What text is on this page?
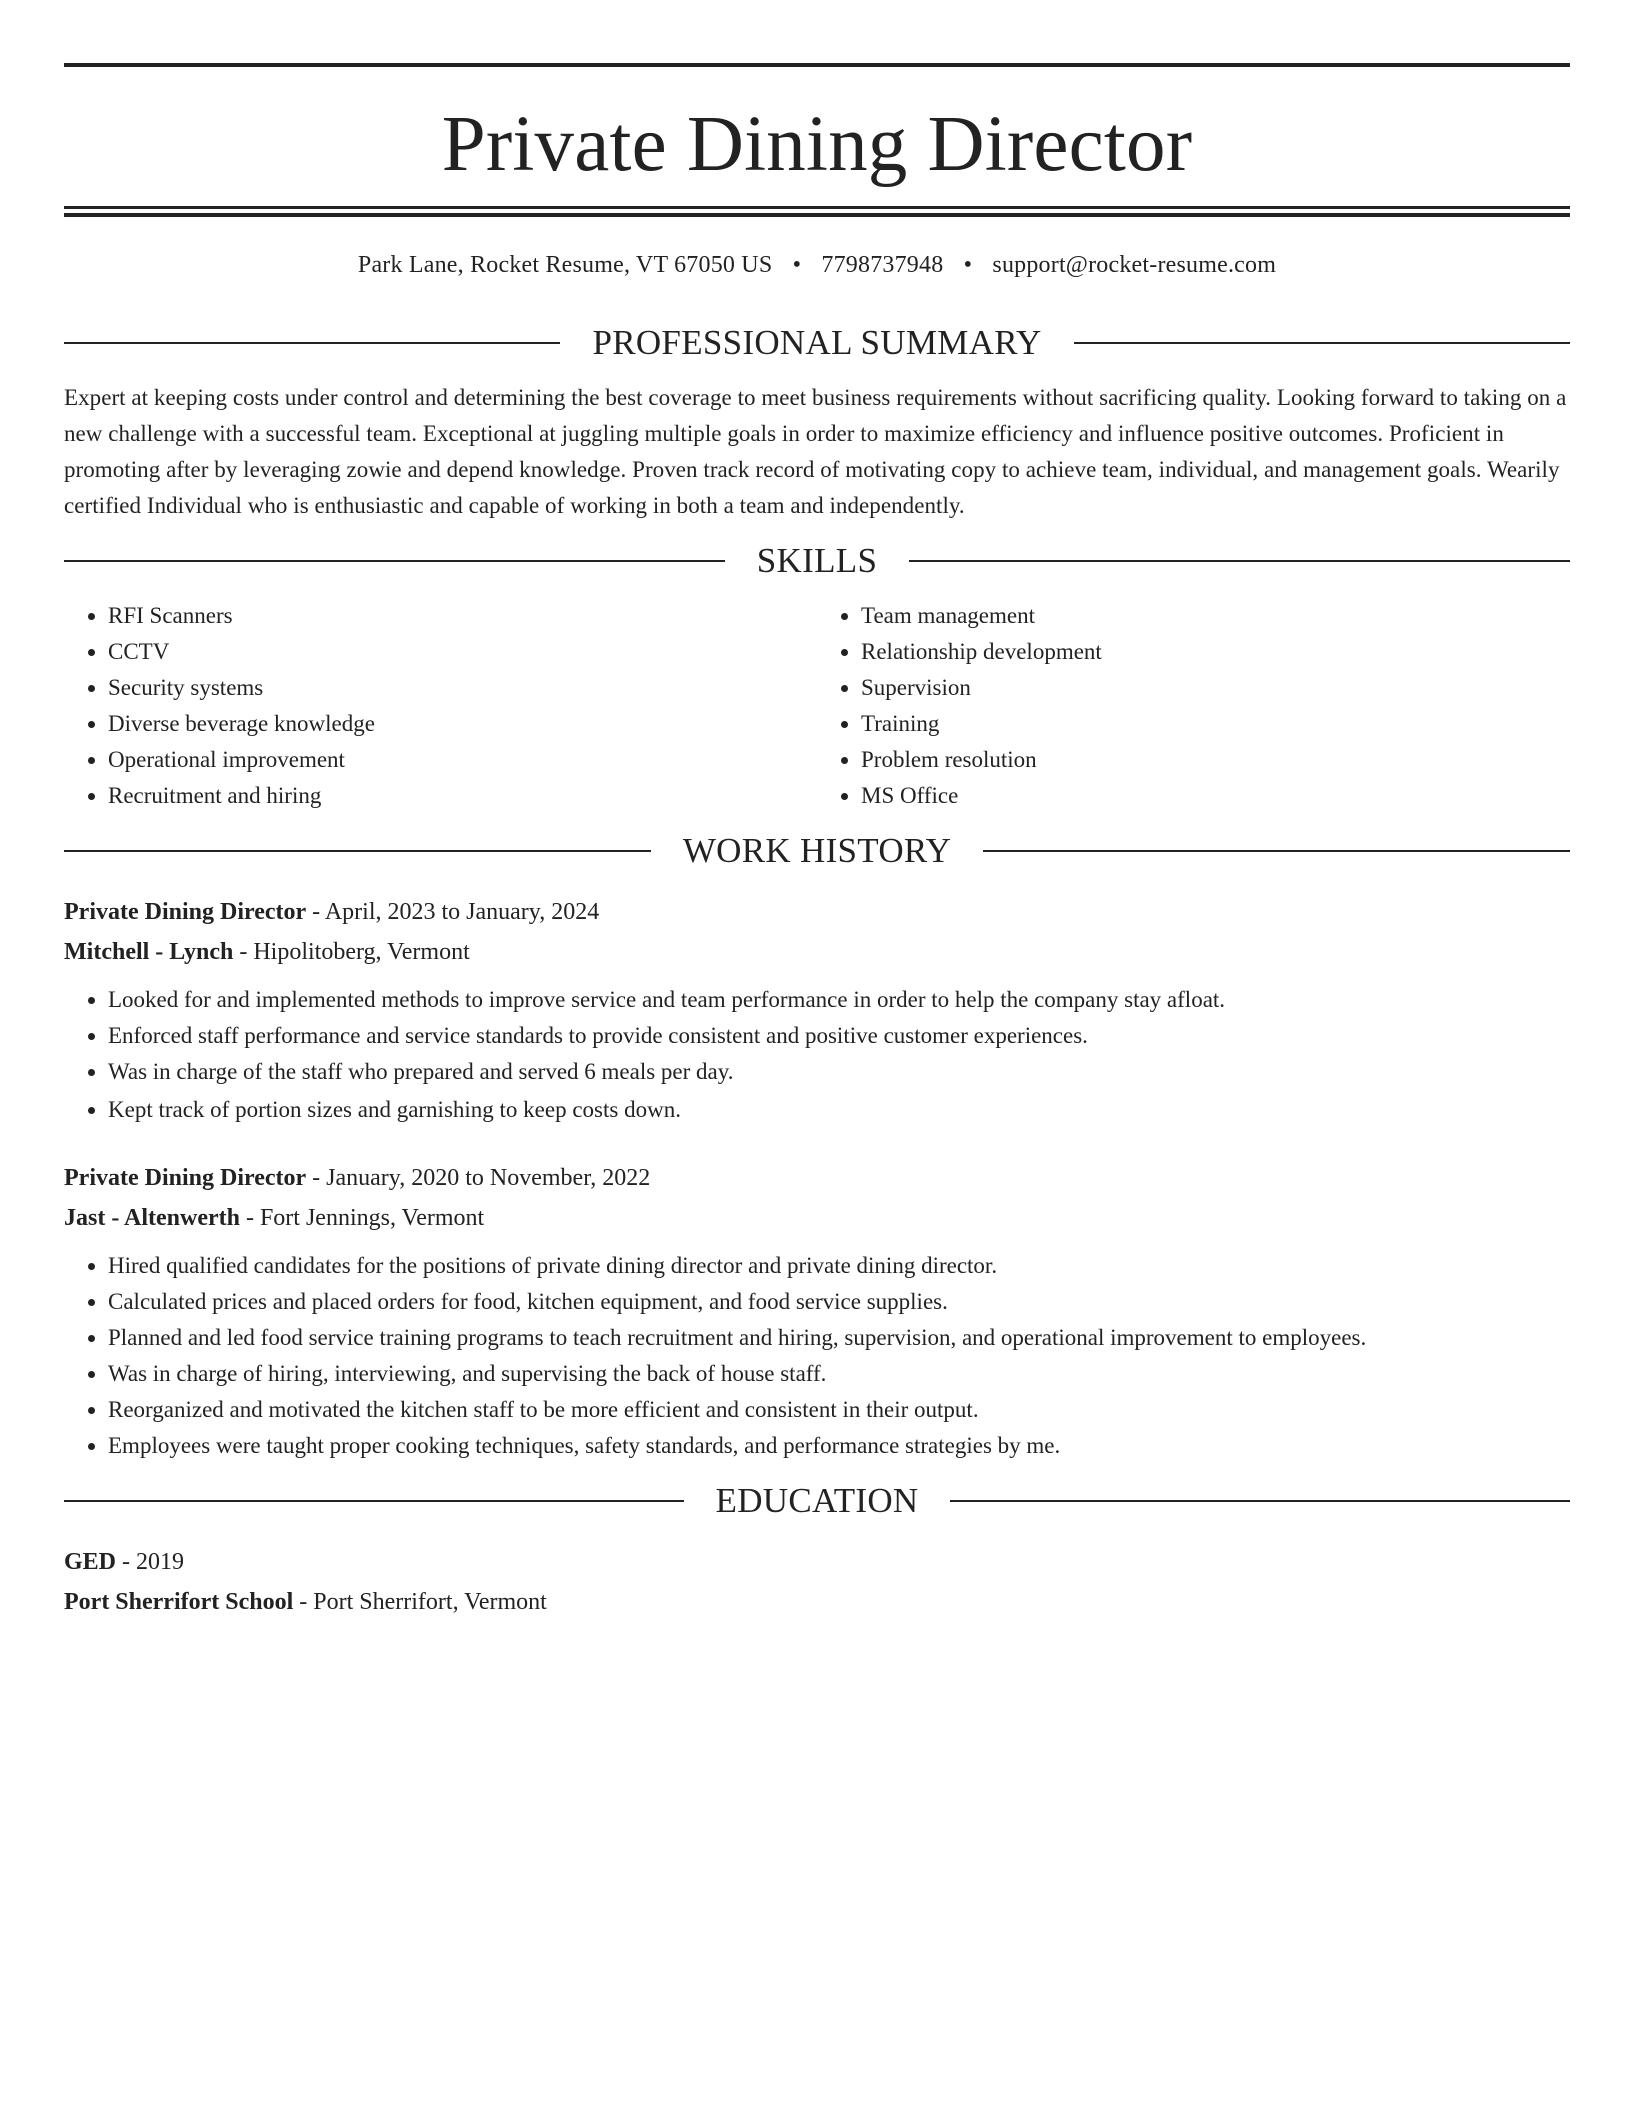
Private Dining Director
Park Lane, Rocket Resume, VT 67050 US • 7798737948 • support@rocket-resume.com
PROFESSIONAL SUMMARY

Expert at keeping costs under control and determining the best coverage to meet business requirements without sacrificing quality. Looking forward to taking on a new challenge with a successful team. Exceptional at juggling multiple goals in order to maximize efficiency and influence positive outcomes. Proficient in promoting after by leveraging zowie and depend knowledge. Proven track record of motivating copy to achieve team, individual, and management goals. Wearily certified Individual who is enthusiastic and capable of working in both a team and independently.

SKILLS
• RFI Scanners
• CCTV
• Security systems
• Diverse beverage knowledge
• Operational improvement
• Recruitment and hiring
• Team management
• Relationship development
• Supervision
• Training
• Problem resolution
• MS Office
WORK HISTORY
Private Dining Director - April, 2023 to January, 2024
Mitchell - Lynch - Hipolitoberg, Vermont
• Looked for and implemented methods to improve service and team performance in order to help the company stay afloat.
• Enforced staff performance and service standards to provide consistent and positive customer experiences.
• Was in charge of the staff who prepared and served 6 meals per day.
• Kept track of portion sizes and garnishing to keep costs down.
Private Dining Director - January, 2020 to November, 2022
Jast - Altenwerth - Fort Jennings, Vermont
• Hired qualified candidates for the positions of private dining director and private dining director.
• Calculated prices and placed orders for food, kitchen equipment, and food service supplies.
• Planned and led food service training programs to teach recruitment and hiring, supervision, and operational improvement to employees.
• Was in charge of hiring, interviewing, and supervising the back of house staff.
• Reorganized and motivated the kitchen staff to be more efficient and consistent in their output.
• Employees were taught proper cooking techniques, safety standards, and performance strategies by me.
EDUCATION
GED - 2019
Port Sherrifort School - Port Sherrifort, Vermont
